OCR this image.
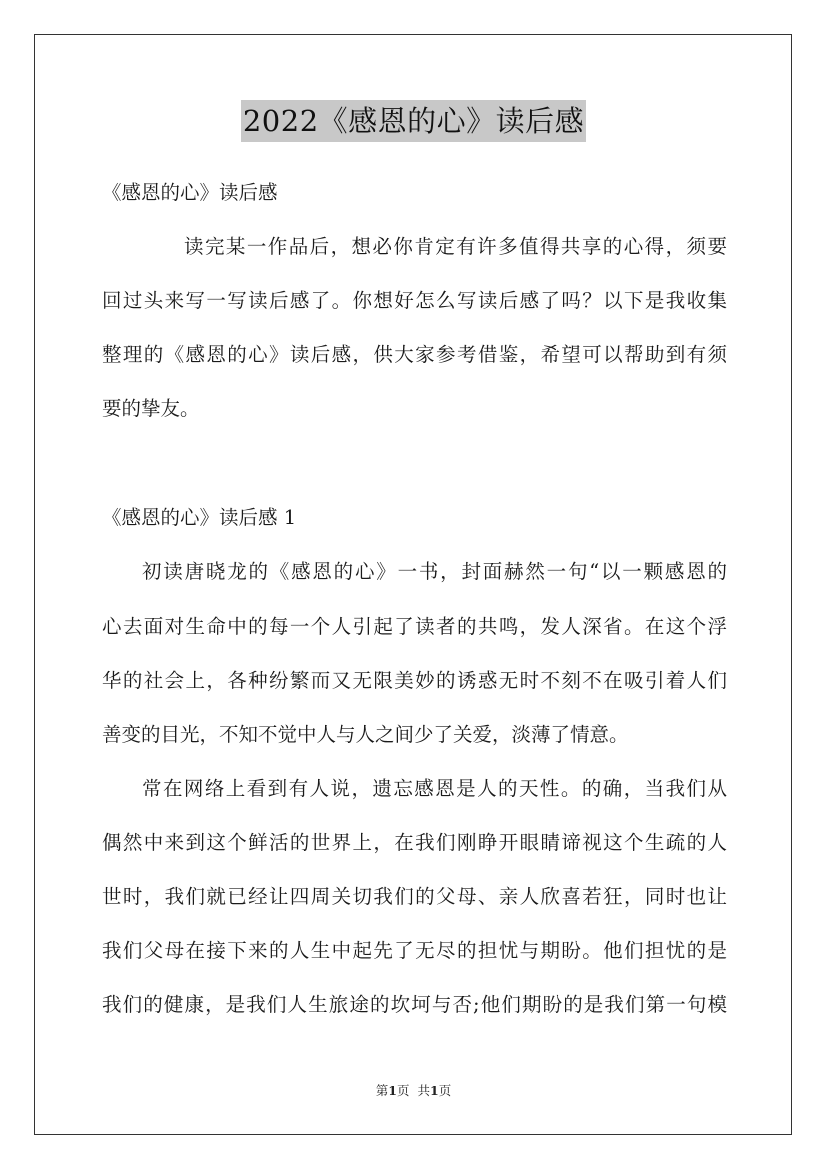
2022《感恩的心》读后感
《感恩的心》读后感
读完某一作品后，想必你肯定有许多值得共享的心得，须要
回过头来写一写读后感了。你想好怎么写读后感了吗？以下是我收集
整理的《感恩的心》读后感，供大家参考借鉴，希望可以帮助到有须
要的挚友。
《感恩的心》读后感 1
初读唐晓龙的《感恩的心》一书，封面赫然一句“以一颗感恩的
心去面对生命中的每一个人引起了读者的共鸣，发人深省。在这个浮
华的社会上，各种纷繁而又无限美妙的诱惑无时不刻不在吸引着人们
善变的目光，不知不觉中人与人之间少了关爱，淡薄了情意。
常在网络上看到有人说，遗忘感恩是人的天性。的确，当我们从
偶然中来到这个鲜活的世界上，在我们刚睁开眼睛谛视这个生疏的人
世时，我们就已经让四周关切我们的父母、亲人欣喜若狂，同时也让
我们父母在接下来的人生中起先了无尽的担忧与期盼。他们担忧的是
我们的健康，是我们人生旅途的坎坷与否;他们期盼的是我们第一句模
第1页 共1页
